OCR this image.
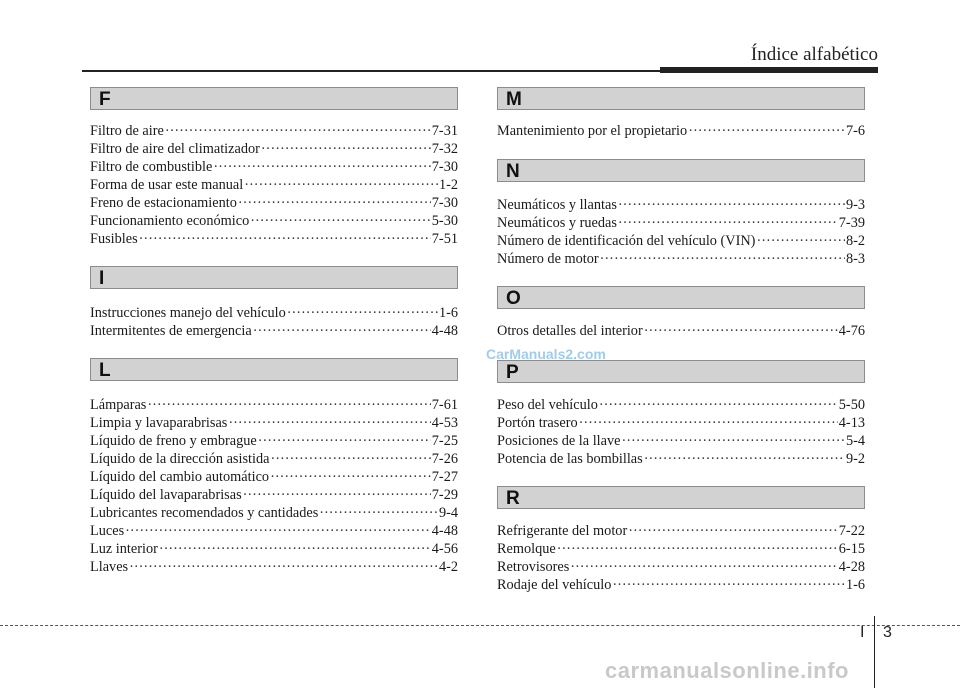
Índice alfabético
F
Filtro de aire ·····	7-31
Filtro de aire del climatizador ·····	7-32
Filtro de combustible ·····	7-30
Forma de usar este manual ·····	1-2
Freno de estacionamiento ·····	7-30
Funcionamiento económico ·····	5-30
Fusibles ·····	7-51
I
Instrucciones manejo del vehículo ·····	1-6
Intermitentes de emergencia ·····	4-48
L
Lámparas ·····	7-61
Limpia y lavaparabrisas ·····	4-53
Líquido de freno y embrague ·····	7-25
Líquido de la dirección asistida ·····	7-26
Líquido del cambio automático ·····	7-27
Líquido del lavaparabrisas ·····	7-29
Lubricantes recomendados y cantidades ·····	9-4
Luces ·····	4-48
Luz interior ·····	4-56
Llaves ·····	4-2
M
Mantenimiento por el propietario ·····	7-6
N
Neumáticos y llantas ·····	9-3
Neumáticos y ruedas ·····	7-39
Número de identificación del vehículo (VIN) ·····	8-2
Número de motor ·····	8-3
O
Otros detalles del interior ·····	4-76
P
Peso del vehículo ·····	5-50
Portón trasero ·····	4-13
Posiciones de la llave ·····	5-4
Potencia de las bombillas ·····	9-2
R
Refrigerante del motor ·····	7-22
Remolque ·····	6-15
Retrovisores ·····	4-28
Rodaje del vehículo ·····	1-6
CarManuals2.com
I 3
carmanualsonline.info
